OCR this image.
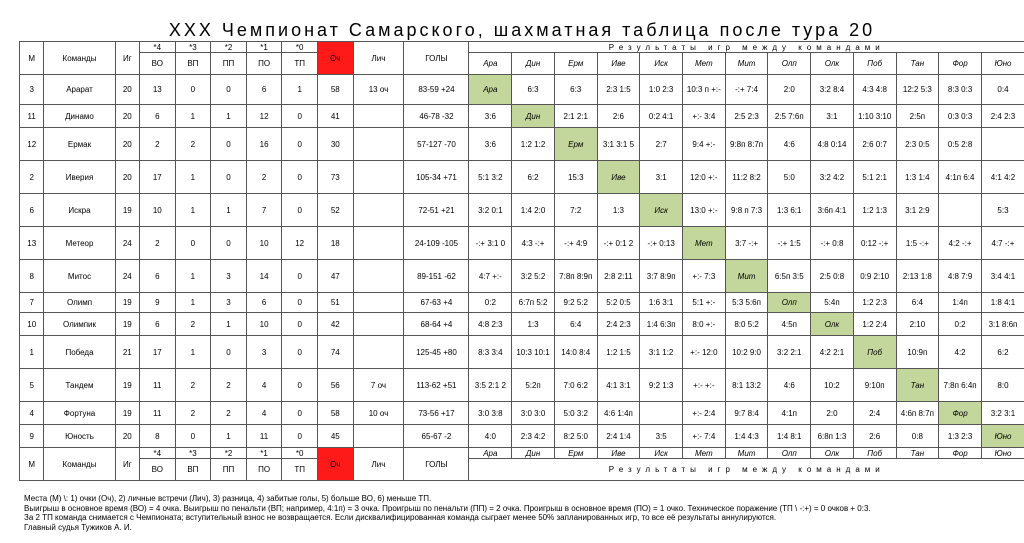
XXX Чемпионат Самарского, шахматная таблица после тура 20
М	Команды	Иг	*4	*3	*2	*1	*0	Оч	Лич	ГОЛЫ	Результаты игр между командами												
			ВО	ВП	ПП	ПО	ТП				Ара	Дин	Ерм	Иве	Иск	Мет	Мит	Олп	Олк	Поб	Тан	Фор	Юно
3	Арарат	20	13	0	0	6	1	58	13 оч	83-59 +24	Ара	6:3	6:3	2:3 1:5	1:0 2:3	10:3 п +:-	-:+ 7:4	2:0	3:2 8:4	4:3 4:8	12:2 5:3	8:3 0:3	0:4
11	Динамо	20	6	1	1	12	0	41		46-78 -32	3:6	Дин	2:1 2:1	2:6	0:2 4:1	+:- 3:4	2:5 2:3	2:5 7:6п	3:1	1:10 3:10	2:5п	0:3 0:3	2:4 2:3
12	Ермак	20	2	2	0	16	0	30		57-127 -70	3:6	1:2 1:2	Ерм	3:1 3:1 5	2:7	9:4 +:-	9:8п 8:7п	4:6	4:8 0:14	2:6 0:7	2:3 0:5	0:5 2:8	
2	Иверия	20	17	1	0	2	0	73		105-34 +71	5:1 3:2	6:2	15:3	Иве	3:1	12:0 +:-	11:2 8:2	5:0	3:2 4:2	5:1 2:1	1:3 1:4	4:1п 6:4	4:1 4:2
6	Искра	19	10	1	1	7	0	52		72-51 +21	3:2 0:1	1:4 2:0	7:2	1:3	Иск	13:0 +:-	9:8 п 7:3	1:3 6:1	3:6п 4:1	1:2 1:3	3:1 2:9		5:3
13	Метеор	24	2	0	0	10	12	18		24-109 -105	-:+ 3:1 0	4:3 -:+	-:+ 4:9	-:+ 0:1 2	-:+ 0:13	Мет	3:7 -:+	-:+ 1:5	-:+ 0:8	0:12 -:+	1:5 -:+	4:2 -:+	4:7 -:+
8	Митос	24	6	1	3	14	0	47		89-151 -62	4:7 +:-	3:2 5:2	7:8п 8:9п	2:8 2:11	3:7 8:9п	+:- 7:3	Мит	6:5п 3:5	2:5 0:8	0:9 2:10	2:13 1:8	4:8 7:9	3:4 4:1
7	Олимп	19	9	1	3	6	0	51		67-63 +4	0:2	6:7п 5:2	9:2 5:2	5:2 0:5	1:6 3:1	5:1 +:-	5:3 5:6п	Олп	5:4п	1:2 2:3	6:4	1:4п	1:8 4:1
10	Олимпик	19	6	2	1	10	0	42		68-64 +4	4:8 2:3	1:3	6:4	2:4 2:3	1:4 6:3п	8:0 +:-	8:0 5:2	4:5п	Олк	1:2 2:4	2:10	0:2	3:1 8:6п
1	Победа	21	17	1	0	3	0	74		125-45 +80	8:3 3:4	10:3 10:1	14:0 8:4	1:2 1:5	3:1 1:2	+:- 12:0	10:2 9:0	3:2 2:1	4:2 2:1	Поб	10:9п	4:2	6:2
5	Тандем	19	11	2	2	4	0	56	7 оч	113-62 +51	3:5 2:1 2	5:2п	7:0 6:2	4:1 3:1	9:2 1:3	+:- +:-	8:1 13:2	4:6	10:2	9:10п	Тан	7:8п 6:4п	8:0
4	Фортуна	19	11	2	2	4	0	58	10 оч	73-56 +17	3:0 3:8	3:0 3:0	5:0 3:2	4:6 1:4п		+:- 2:4	9:7 8:4	4:1п	2:0	2:4	4:6п 8:7п	Фор	3:2 3:1
9	Юность	20	8	0	1	11	0	45		65-67 -2	4:0	2:3 4:2	8:2 5:0	2:4 1:4	3:5	+:- 7:4	1:4 4:3	1:4 8:1	6:8п 1:3	2:6	0:8	1:3 2:3	Юно
М	Команды	Иг	*4	*3	*2	*1	*0	Оч	Лич	ГОЛЫ	Ара	Дин	Ерм	Иве	Иск	Мет	Мит	Олп	Олк	Поб	Тан	Фор	Юно
			ВО	ВП	ПП	ПО	ТП				Результаты игр между командами												
Места (М) \: 1) очки (Оч), 2) личные встречи (Лич), 3) разница, 4) забитые голы, 5) больше ВО, 6) меньше ТП.
Выигрыш в основное время (ВО) = 4 очка. Выигрыш по пенальти (ВП; например, 4:1п) = 3 очка. Проигрыш по пенальти (ПП) = 2 очка. Проигрыш в основное время (ПО) = 1 очко. Техническое поражение (ТП \ -:+) = 0 очков + 0:3.
За 2 ТП команда снимается с Чемпионата; вступительный взнос не возвращается. Если дисквалифицированная команда сыграет менее 50% запланированных игр, то все её результаты аннулируются.
Главный судья Тужиков А. И.
